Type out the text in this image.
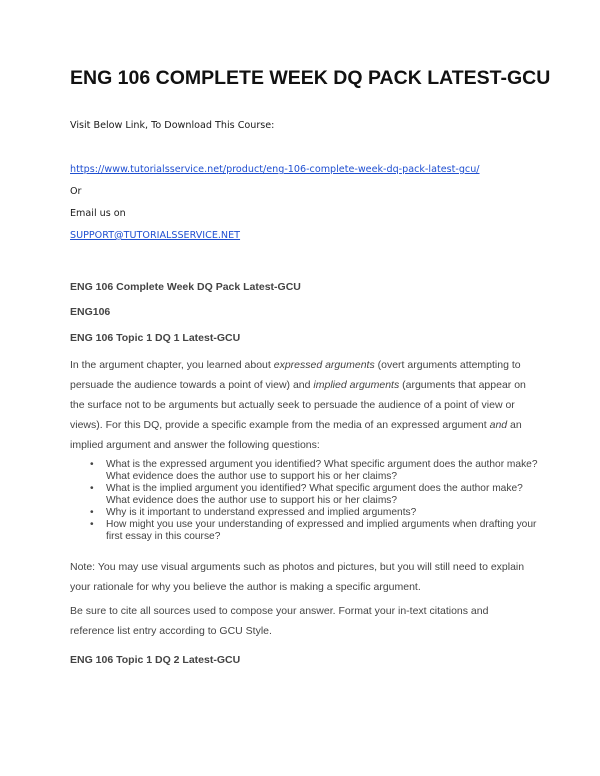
ENG 106 COMPLETE WEEK DQ PACK LATEST-GCU
Visit Below Link, To Download This Course:
https://www.tutorialsservice.net/product/eng-106-complete-week-dq-pack-latest-gcu/
Or
Email us on
SUPPORT@TUTORIALSSERVICE.NET
ENG 106 Complete Week DQ Pack Latest-GCU
ENG106
ENG 106 Topic 1 DQ 1 Latest-GCU
In the argument chapter, you learned about expressed arguments (overt arguments attempting to persuade the audience towards a point of view) and implied arguments (arguments that appear on the surface not to be arguments but actually seek to persuade the audience of a point of view or views). For this DQ, provide a specific example from the media of an expressed argument and an implied argument and answer the following questions:
• What is the expressed argument you identified? What specific argument does the author make? What evidence does the author use to support his or her claims?
• What is the implied argument you identified? What specific argument does the author make? What evidence does the author use to support his or her claims?
• Why is it important to understand expressed and implied arguments?
• How might you use your understanding of expressed and implied arguments when drafting your first essay in this course?
Note: You may use visual arguments such as photos and pictures, but you will still need to explain your rationale for why you believe the author is making a specific argument.
Be sure to cite all sources used to compose your answer. Format your in-text citations and reference list entry according to GCU Style.
ENG 106 Topic 1 DQ 2 Latest-GCU
